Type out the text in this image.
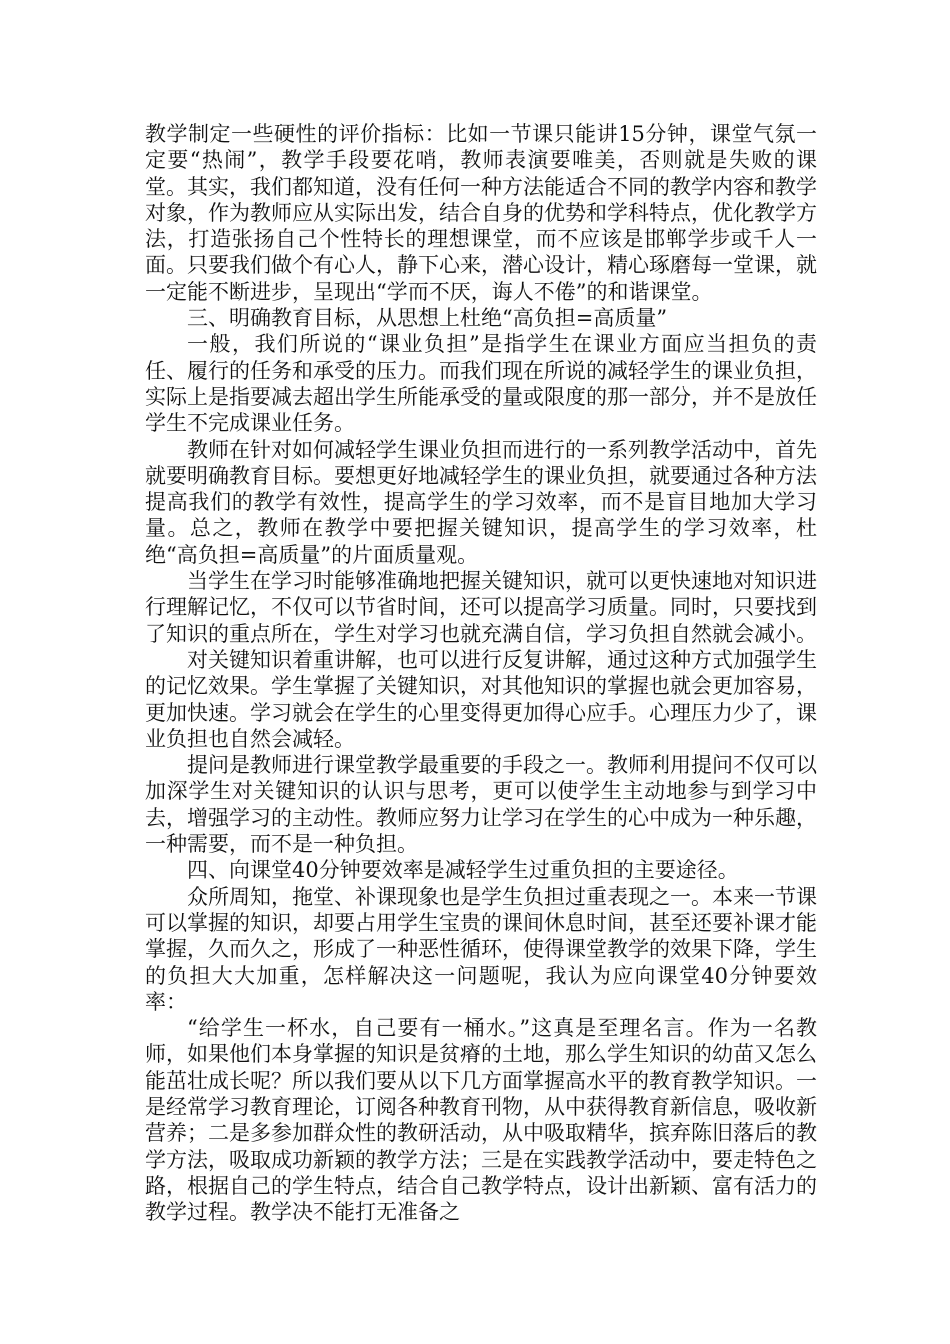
教学制定一些硬性的评价指标：比如一节课只能讲15分钟，课堂气氛一定要“热闹”，教学手段要花哨，教师表演要唯美，否则就是失败的课堂。其实，我们都知道，没有任何一种方法能适合不同的教学内容和教学对象，作为教师应从实际出发，结合自身的优势和学科特点，优化教学方法，打造张扬自己个性特长的理想课堂，而不应该是邯郸学步或千人一面。只要我们做个有心人，静下心来，潜心设计，精心琢磨每一堂课，就一定能不断进步，呈现出“学而不厌，诲人不倦”的和谐课堂。

三、明确教育目标，从思想上杜绝“高负担=高质量”

一般，我们所说的“课业负担”是指学生在课业方面应当担负的责任、履行的任务和承受的压力。而我们现在所说的减轻学生的课业负担，实际上是指要减去超出学生所能承受的量或限度的那一部分，并不是放任学生不完成课业任务。

教师在针对如何减轻学生课业负担而进行的一系列教学活动中，首先就要明确教育目标。要想更好地减轻学生的课业负担，就要通过各种方法提高我们的教学有效性，提高学生的学习效率，而不是盲目地加大学习量。总之，教师在教学中要把握关键知识，提高学生的学习效率，杜绝“高负担=高质量”的片面质量观。

当学生在学习时能够准确地把握关键知识，就可以更快速地对知识进行理解记忆，不仅可以节省时间，还可以提高学习质量。同时，只要找到了知识的重点所在，学生对学习也就充满自信，学习负担自然就会减小。

对关键知识着重讲解，也可以进行反复讲解，通过这种方式加强学生的记忆效果。学生掌握了关键知识，对其他知识的掌握也就会更加容易，更加快速。学习就会在学生的心里变得更加得心应手。心理压力少了，课业负担也自然会减轻。

提问是教师进行课堂教学最重要的手段之一。教师利用提问不仅可以加深学生对关键知识的认识与思考，更可以使学生主动地参与到学习中去，增强学习的主动性。教师应努力让学习在学生的心中成为一种乐趣，一种需要，而不是一种负担。

四、向课堂40分钟要效率是减轻学生过重负担的主要途径。

众所周知，拖堂、补课现象也是学生负担过重表现之一。本来一节课可以掌握的知识，却要占用学生宝贵的课间休息时间，甚至还要补课才能掌握，久而久之，形成了一种恶性循环，使得课堂教学的效果下降，学生的负担大大加重，怎样解决这一问题呢，我认为应向课堂40分钟要效率：

“给学生一杯水，自己要有一桶水。”这真是至理名言。作为一名教师，如果他们本身掌握的知识是贫瘠的土地，那么学生知识的幼苗又怎么能茁壮成长呢？所以我们要从以下几方面掌握高水平的教育教学知识。一是经常学习教育理论，订阅各种教育刊物，从中获得教育新信息，吸收新营养；二是多参加群众性的教研活动，从中吸取精华，摈弃陈旧落后的教学方法，吸取成功新颖的教学方法；三是在实践教学活动中，要走特色之路，根据自己的学生特点，结合自己教学特点，设计出新颖、富有活力的教学过程。教学决不能打无准备之
